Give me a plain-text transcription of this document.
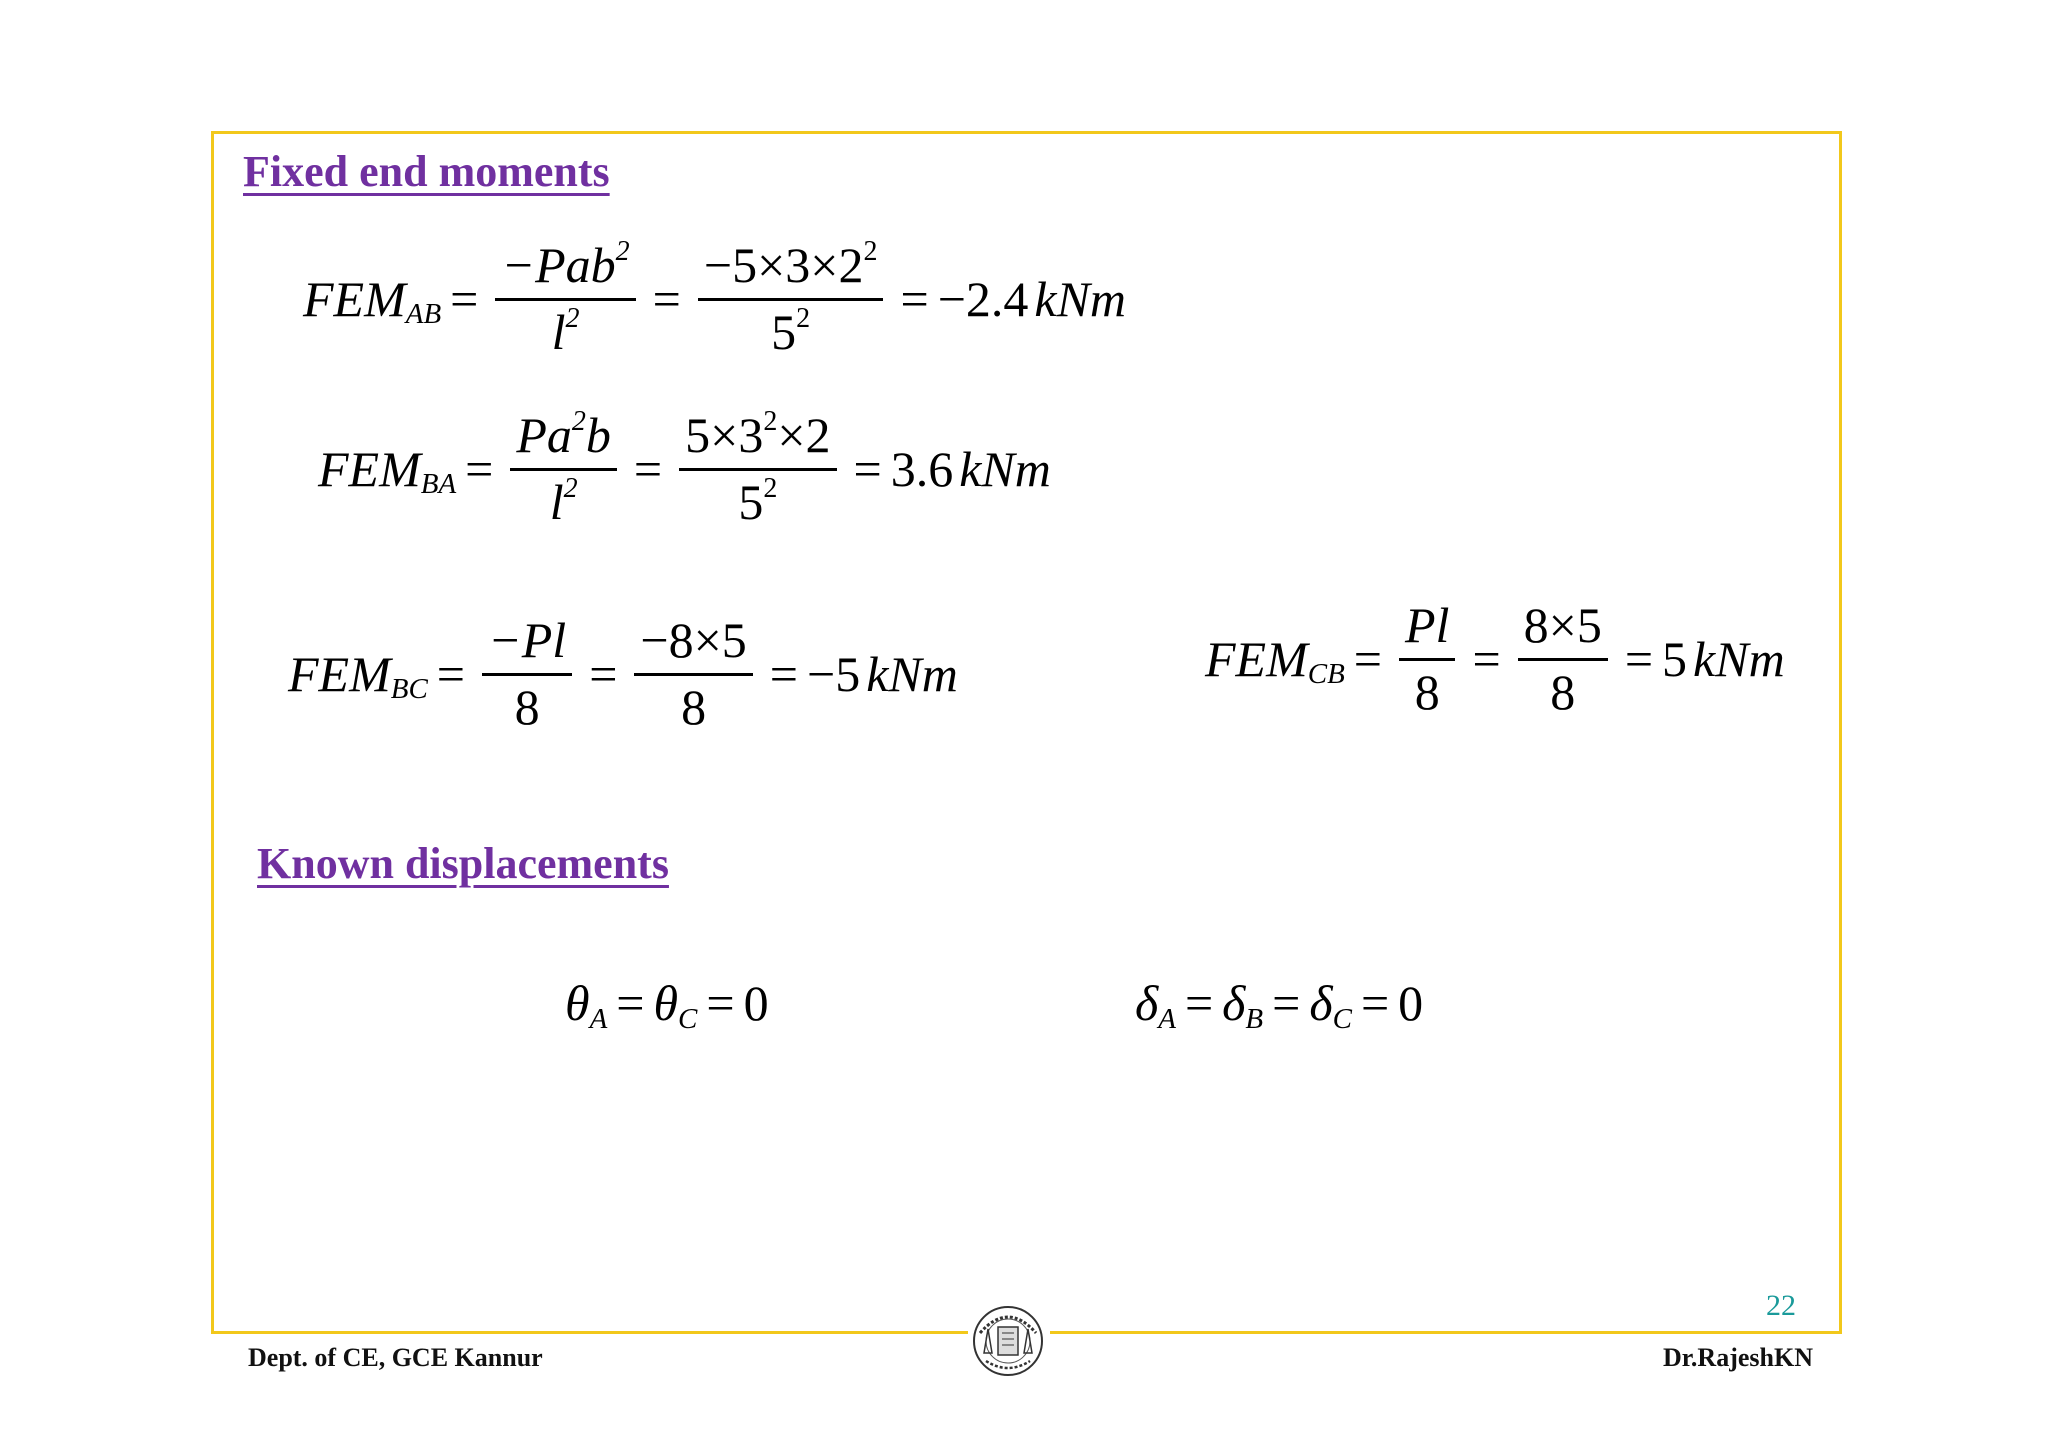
Fixed end moments
FEM AB = $\frac{-Pab^2}{l^2} = \frac{-5\times 3\times 2^2}{5^2} = -2.4$ kNm
FEM BA = $\frac{Pa^2b}{l^2} = \frac{5\times 3^2\times 2}{5^2} = 3.6$ kNm
FEM BC = $\frac{-Pl}{8} = \frac{-8\times 5}{8} = -5$ kNm	FEM CB = $\frac{Pl}{8} = \frac{8\times 5}{8} = 5$ kNm
Known displacements
θ A = θ C = 0	δ A = δ B = δ C = 0
22
Dept. of CE, GCE Kannur	Dr.RajeshKN
